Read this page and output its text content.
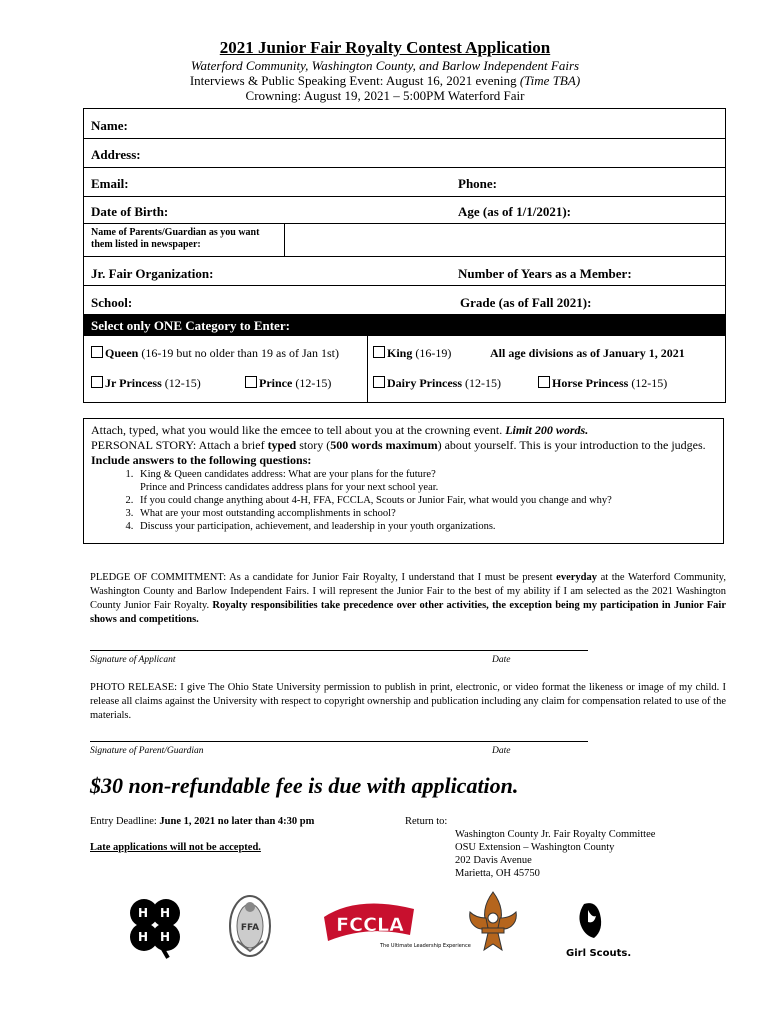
2021 Junior Fair Royalty Contest Application
Waterford Community, Washington County, and Barlow Independent Fairs
Interviews & Public Speaking Event: August 16, 2021 evening (Time TBA)
Crowning: August 19, 2021 – 5:00PM Waterford Fair
Name:
Address:
Email:	Phone:
Date of Birth:	Age (as of 1/1/2021):
Name of Parents/Guardian as you want them listed in newspaper:
Jr. Fair Organization:	Number of Years as a Member:
School:	Grade (as of Fall 2021):
Select only ONE Category to Enter:
Queen (16-19 but no older than 19 as of Jan 1st)	King (16-19)	All age divisions as of January 1, 2021
Jr Princess (12-15)	Prince (12-15)	Dairy Princess (12-15)	Horse Princess (12-15)
Attach, typed, what you would like the emcee to tell about you at the crowning event. Limit 200 words.
PERSONAL STORY: Attach a brief typed story (500 words maximum) about yourself. This is your introduction to the judges. Include answers to the following questions:
1. King & Queen candidates address: What are your plans for the future?
Prince and Princess candidates address plans for your next school year.
2. If you could change anything about 4-H, FFA, FCCLA, Scouts or Junior Fair, what would you change and why?
3. What are your most outstanding accomplishments in school?
4. Discuss your participation, achievement, and leadership in your youth organizations.
PLEDGE OF COMMITMENT: As a candidate for Junior Fair Royalty, I understand that I must be present everyday at the Waterford Community, Washington County and Barlow Independent Fairs. I will represent the Junior Fair to the best of my ability if I am selected as the 2021 Washington County Junior Fair Royalty. Royalty responsibilities take precedence over other activities, the exception being my participation in Junior Fair shows and competitions.
Signature of Applicant	Date
PHOTO RELEASE: I give The Ohio State University permission to publish in print, electronic, or video format the likeness or image of my child. I release all claims against the University with respect to copyright ownership and publication including any claim for compensation related to use of the materials.
Signature of Parent/Guardian	Date
$30 non-refundable fee is due with application.
Entry Deadline: June 1, 2021 no later than 4:30 pm
Late applications will not be accepted.
Return to:
Washington County Jr. Fair Royalty Committee
OSU Extension – Washington County
202 Davis Avenue
Marietta, OH 45750
H H
H H
FFA	FCCLA
The Ultimate Leadership Experience
Girl Scouts.
